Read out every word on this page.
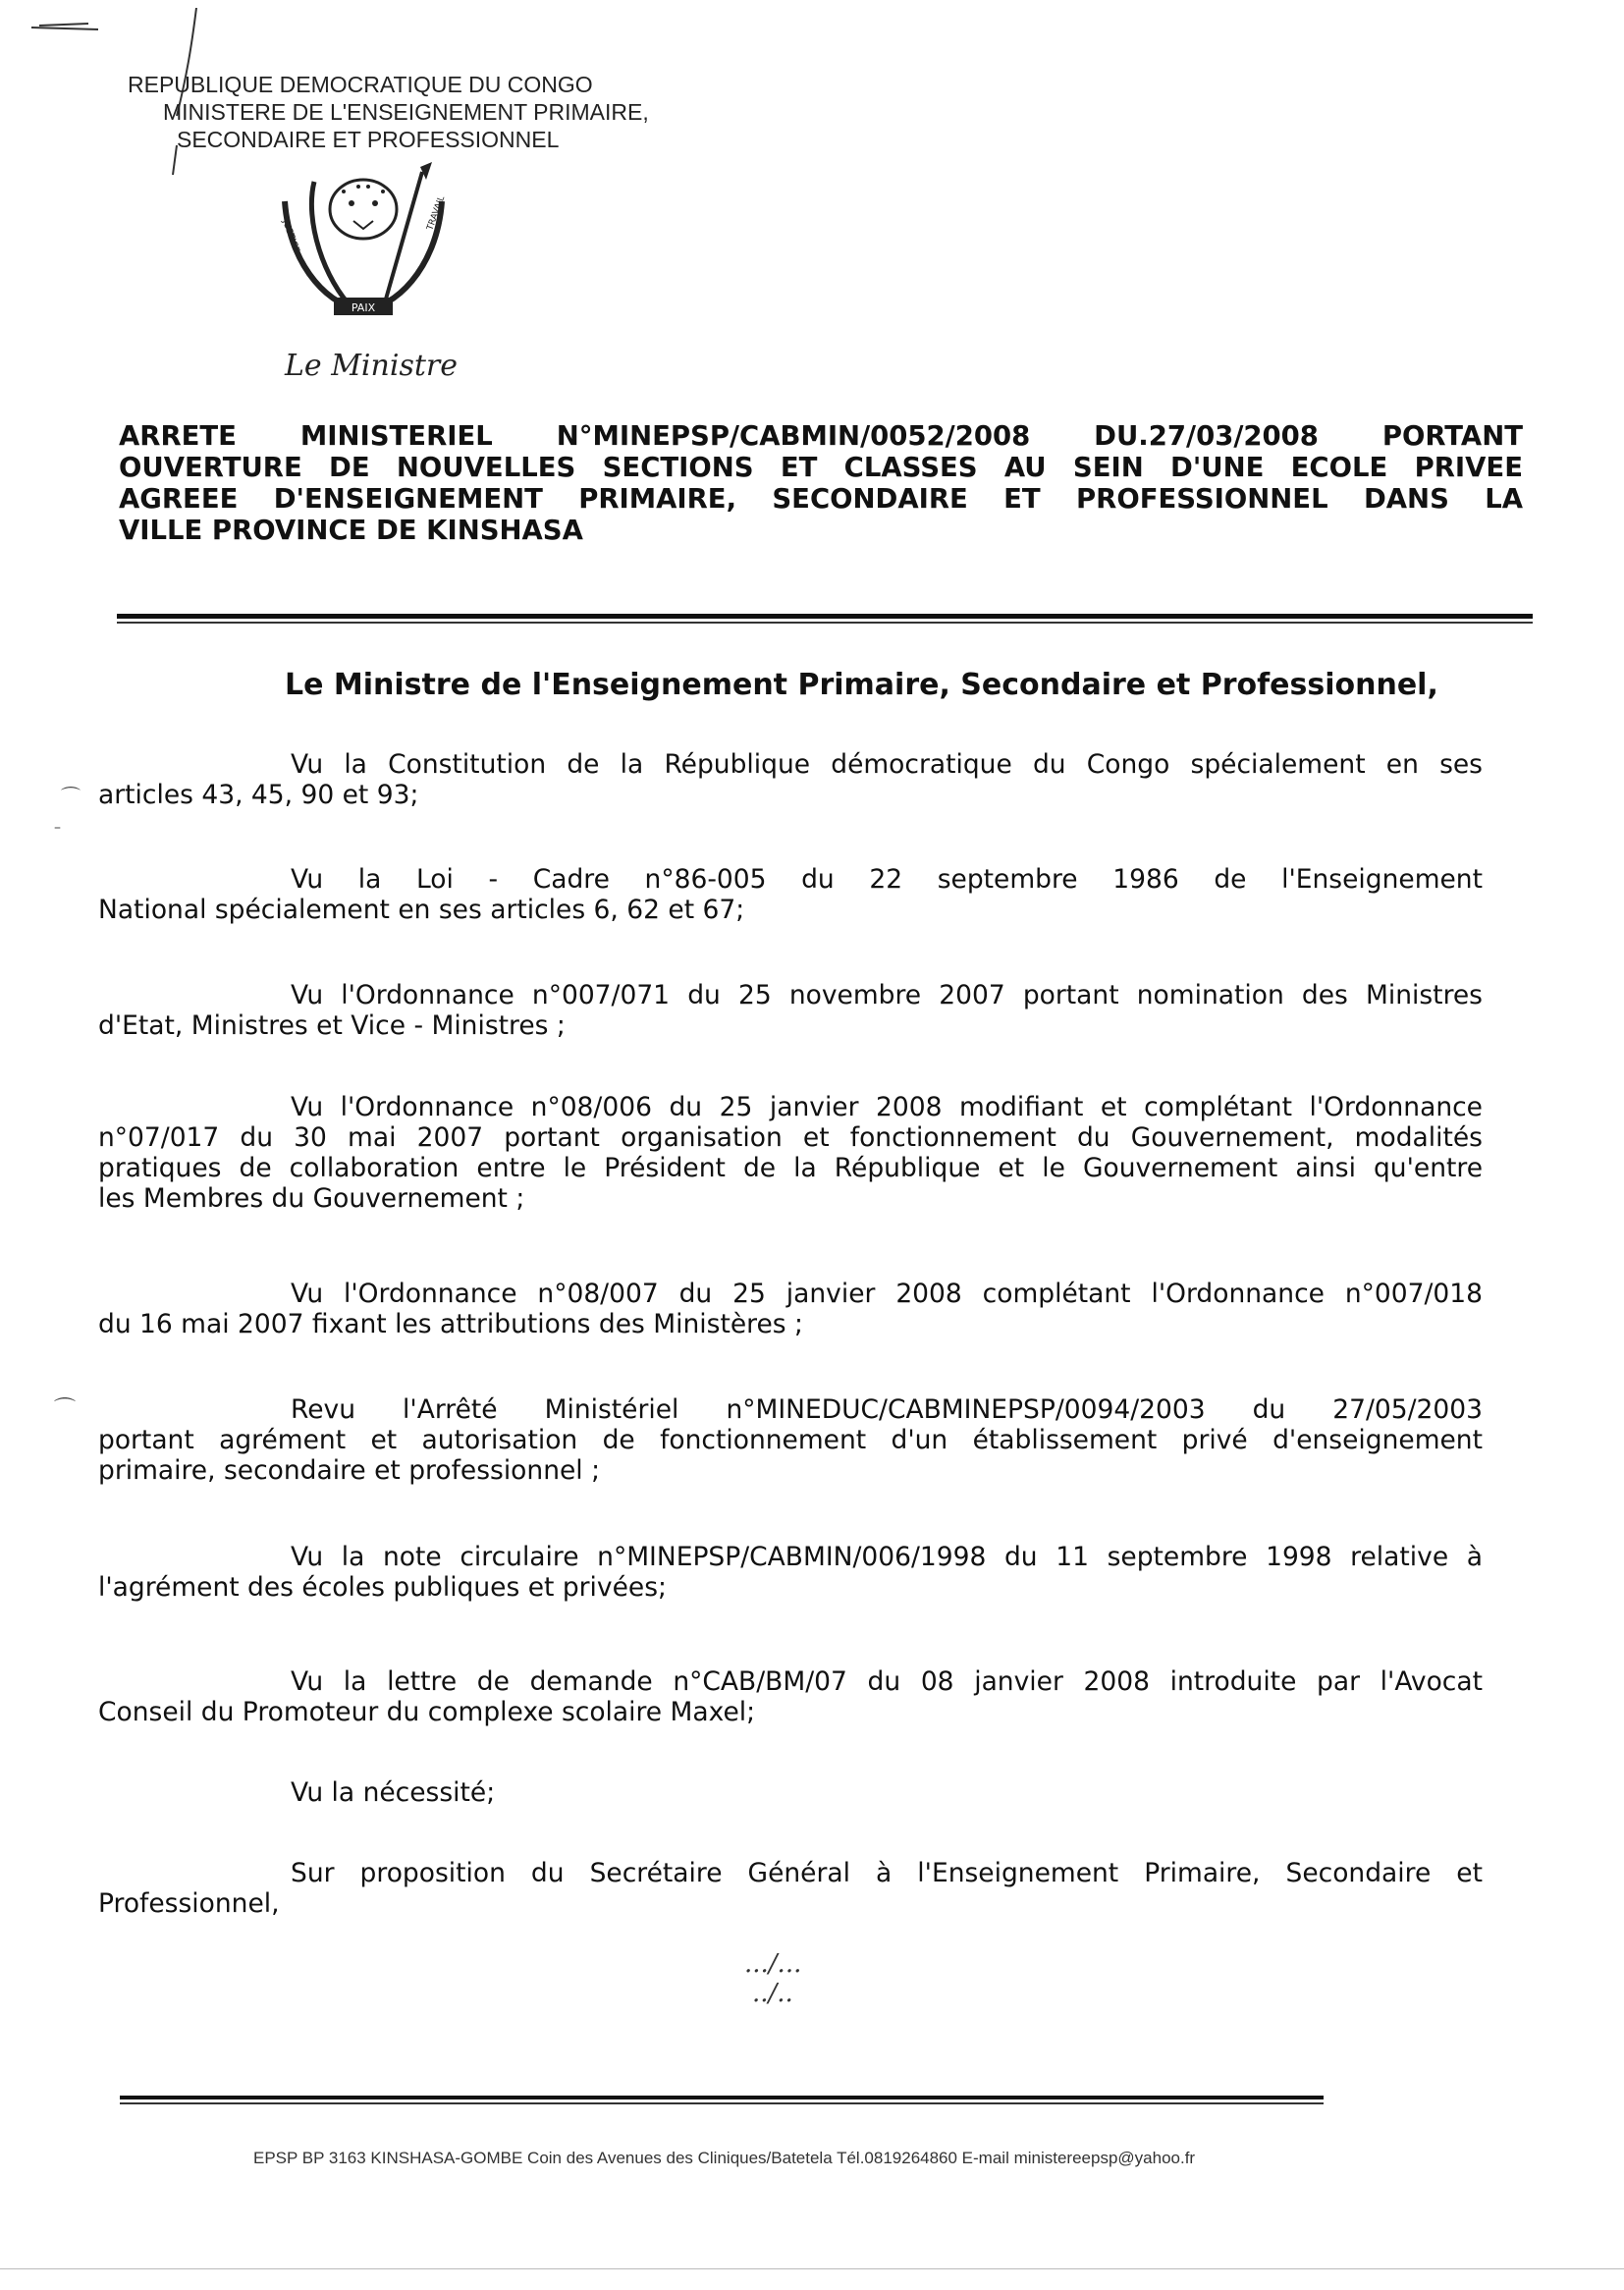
REPUBLIQUE DEMOCRATIQUE DU CONGO
MINISTERE DE L'ENSEIGNEMENT PRIMAIRE,
SECONDAIRE ET PROFESSIONNEL
PAIX
JUSTICE
TRAVAIL
Le Ministre
ARRETE MINISTERIEL N°MINEPSP/CABMIN/0052/2008 DU.27/03/2008 PORTANT
OUVERTURE DE NOUVELLES SECTIONS ET CLASSES AU SEIN D'UNE ECOLE PRIVEE
AGREEE D'ENSEIGNEMENT PRIMAIRE, SECONDAIRE ET PROFESSIONNEL DANS LA
VILLE PROVINCE DE KINSHASA
Le Ministre de l'Enseignement Primaire, Secondaire et Professionnel,
Vu la Constitution de la République démocratique du Congo spécialement en ses
articles 43, 45, 90 et 93;
Vu la Loi - Cadre n°86-005 du 22 septembre 1986 de l'Enseignement
National spécialement en ses articles 6, 62 et 67;
Vu l'Ordonnance n°007/071 du 25 novembre 2007 portant nomination des Ministres
d'Etat, Ministres et Vice - Ministres ;
Vu l'Ordonnance n°08/006 du 25 janvier 2008 modifiant et complétant l'Ordonnance
n°07/017 du 30 mai 2007 portant organisation et fonctionnement du Gouvernement, modalités
pratiques de collaboration entre le Président de la République et le Gouvernement ainsi qu'entre
les Membres du Gouvernement ;
Vu l'Ordonnance n°08/007 du 25 janvier 2008 complétant l'Ordonnance n°007/018
du 16 mai 2007 fixant les attributions des Ministères ;
Revu l'Arrêté Ministériel n°MINEDUC/CABMINEPSP/0094/2003 du 27/05/2003
portant agrément et autorisation de fonctionnement d'un établissement privé d'enseignement
primaire, secondaire et professionnel ;
Vu la note circulaire n°MINEPSP/CABMIN/006/1998 du 11 septembre 1998 relative à
l'agrément des écoles publiques et privées;
Vu la lettre de demande n°CAB/BM/07 du 08 janvier 2008 introduite par l'Avocat
Conseil du Promoteur du complexe scolaire Maxel;
Vu la nécessité;
Sur proposition du Secrétaire Général à l'Enseignement Primaire, Secondaire et
Professionnel,
.../...
../..
EPSP BP 3163 KINSHASA-GOMBE Coin des Avenues des Cliniques/Batetela Tél.0819264860 E-mail ministereepsp@yahoo.fr
⌒
–
⌒
